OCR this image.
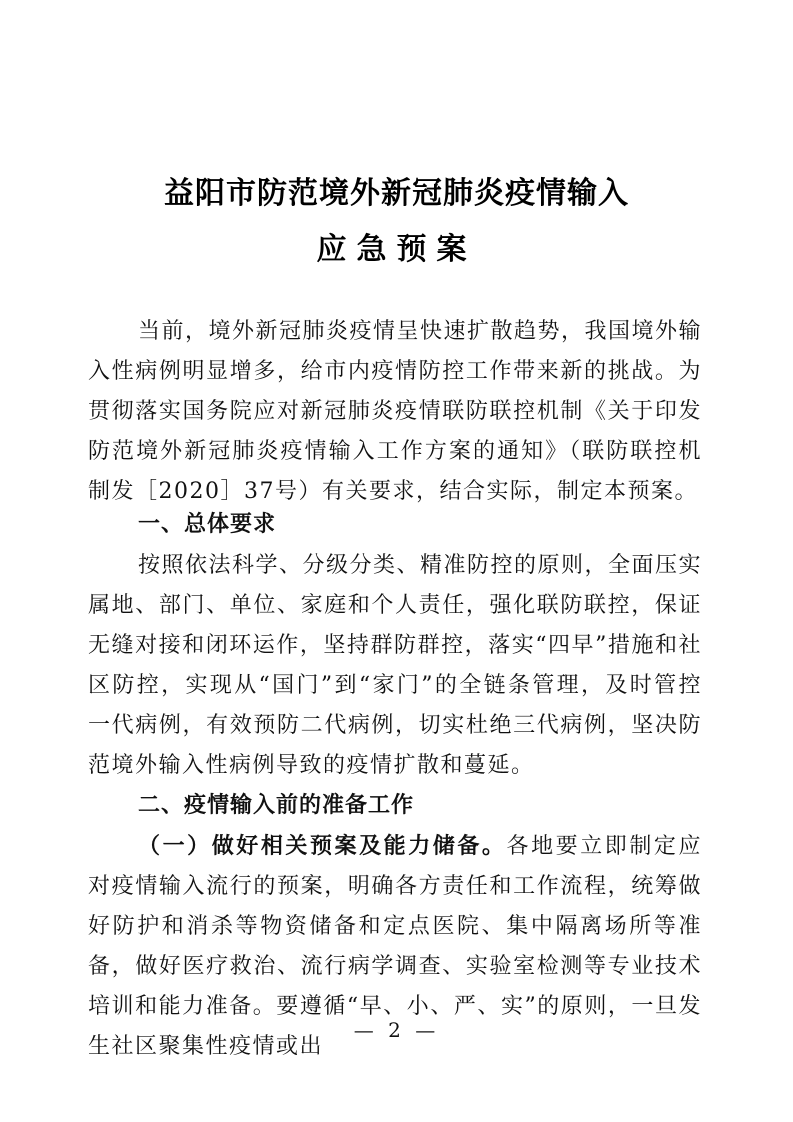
益阳市防范境外新冠肺炎疫情输入
应急预案

当前，境外新冠肺炎疫情呈快速扩散趋势，我国境外输入性病例明显增多，给市内疫情防控工作带来新的挑战。为贯彻落实国务院应对新冠肺炎疫情联防联控机制《关于印发防范境外新冠肺炎疫情输入工作方案的通知》（联防联控机制发［2020］37号）有关要求，结合实际，制定本预案。

一、总体要求

按照依法科学、分级分类、精准防控的原则，全面压实属地、部门、单位、家庭和个人责任，强化联防联控，保证无缝对接和闭环运作，坚持群防群控，落实“四早”措施和社区防控，实现从“国门”到“家门”的全链条管理，及时管控一代病例，有效预防二代病例，切实杜绝三代病例，坚决防范境外输入性病例导致的疫情扩散和蔓延。

二、疫情输入前的准备工作

（一）做好相关预案及能力储备。各地要立即制定应对疫情输入流行的预案，明确各方责任和工作流程，统筹做好防护和消杀等物资储备和定点医院、集中隔离场所等准备，做好医疗救治、流行病学调查、实验室检测等专业技术培训和能力准备。要遵循“早、小、严、实”的原则，一旦发生社区聚集性疫情或出

— 2 —
